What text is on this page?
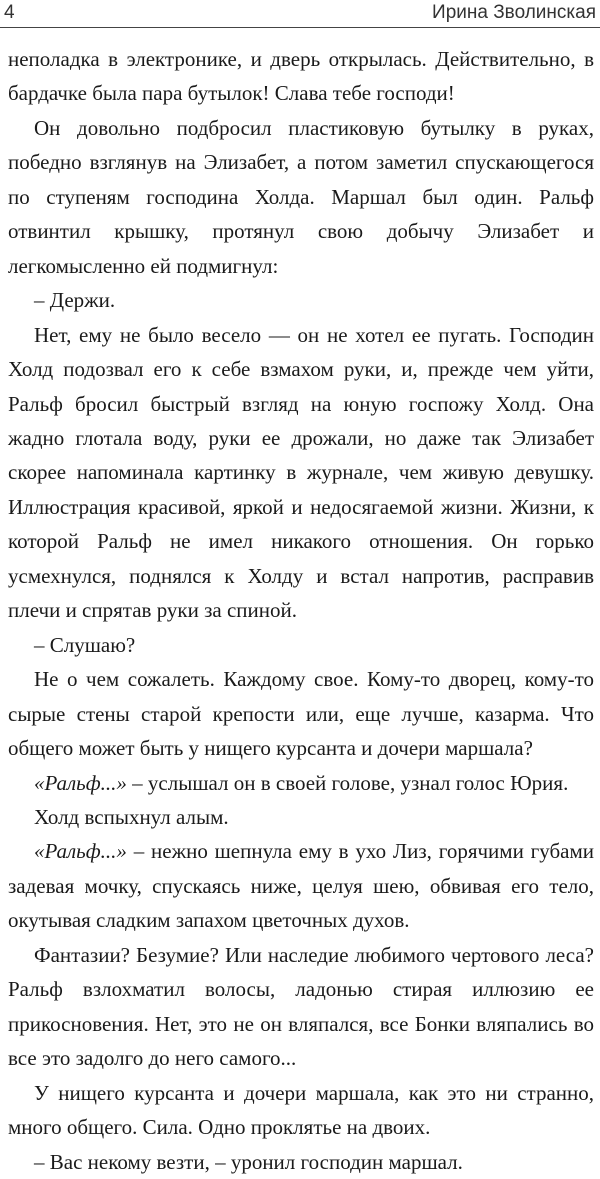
4	Ирина Зволинская

неполадка в электронике, и дверь открылась. Действительно, в бардачке была пара бутылок! Слава тебе господи!

Он довольно подбросил пластиковую бутылку в руках, победно взглянув на Элизабет, а потом заметил спускающегося по ступеням господина Холда. Маршал был один. Ральф отвинтил крышку, протянул свою добычу Элизабет и легкомысленно ей подмигнул:

– Держи.

Нет, ему не было весело — он не хотел ее пугать. Господин Холд подозвал его к себе взмахом руки, и, прежде чем уйти, Ральф бросил быстрый взгляд на юную госпожу Холд. Она жадно глотала воду, руки ее дрожали, но даже так Элизабет скорее напоминала картинку в журнале, чем живую девушку. Иллюстрация красивой, яркой и недосягаемой жизни. Жизни, к которой Ральф не имел никакого отношения. Он горько усмехнулся, поднялся к Холду и встал напротив, расправив плечи и спрятав руки за спиной.

– Слушаю?

Не о чем сожалеть. Каждому свое. Кому-то дворец, кому-то сырые стены старой крепости или, еще лучше, казарма. Что общего может быть у нищего курсанта и дочери маршала?

«Ральф...» – услышал он в своей голове, узнал голос Юрия.

Холд вспыхнул алым.

«Ральф...» – нежно шепнула ему в ухо Лиз, горячими губами задевая мочку, спускаясь ниже, целуя шею, обвивая его тело, окутывая сладким запахом цветочных духов.

Фантазии? Безумие? Или наследие любимого чертового леса? Ральф взлохматил волосы, ладонью стирая иллюзию ее прикосновения. Нет, это не он вляпался, все Бонки вляпались во все это задолго до него самого...

У нищего курсанта и дочери маршала, как это ни странно, много общего. Сила. Одно проклятье на двоих.

– Вас некому везти, – уронил господин маршал.
